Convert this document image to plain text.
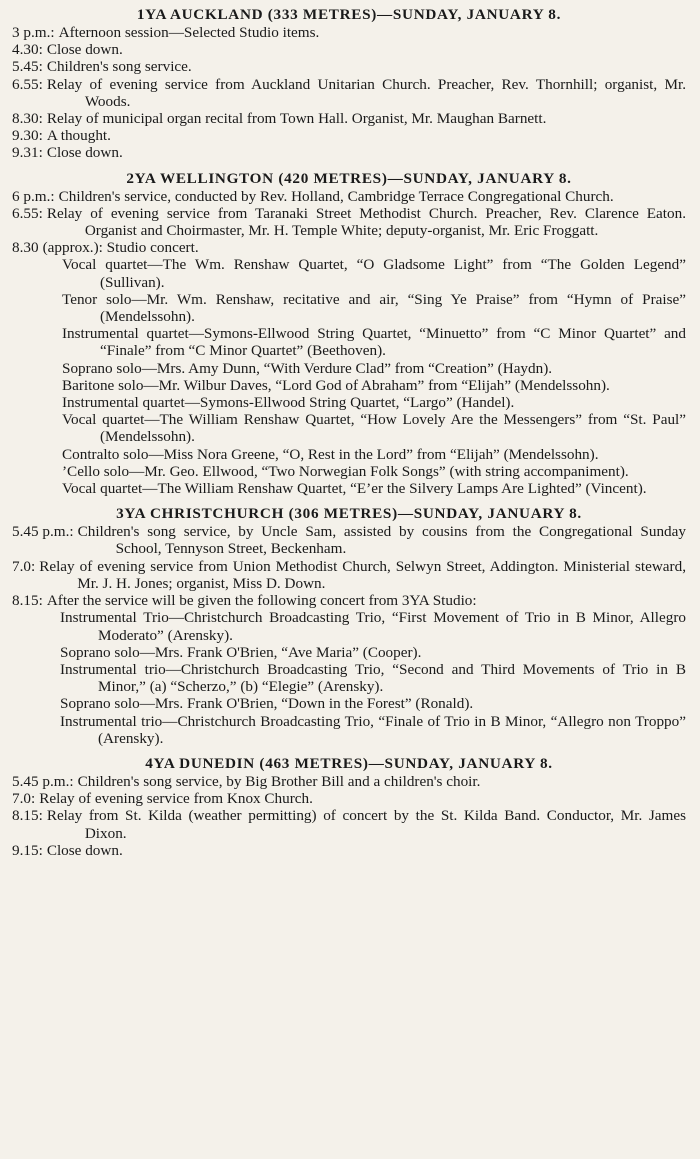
1YA AUCKLAND (333 METRES)—SUNDAY, JANUARY 8.

3 p.m.: Afternoon session—Selected Studio items.

4.30: Close down.

5.45: Children's song service.

6.55: Relay of evening service from Auckland Unitarian Church. Preacher, Rev. Thornhill; organist, Mr. Woods.

8.30: Relay of municipal organ recital from Town Hall. Organist, Mr. Maughan Barnett.

9.30: A thought.

9.31: Close down.

2YA WELLINGTON (420 METRES)—SUNDAY, JANUARY 8.

6 p.m.: Children's service, conducted by Rev. Holland, Cambridge Terrace Congregational Church.

6.55: Relay of evening service from Taranaki Street Methodist Church. Preacher, Rev. Clarence Eaton. Organist and Choirmaster, Mr. H. Temple White; deputy-organist, Mr. Eric Froggatt.

8.30 (approx.): Studio concert.

Vocal quartet—The Wm. Renshaw Quartet, “O Gladsome Light” from “The Golden Legend” (Sullivan).

Tenor solo—Mr. Wm. Renshaw, recitative and air, “Sing Ye Praise” from “Hymn of Praise” (Mendelssohn).

Instrumental quartet—Symons-Ellwood String Quartet, “Minuetto” from “C Minor Quartet” and “Finale” from “C Minor Quartet” (Beethoven).

Soprano solo—Mrs. Amy Dunn, “With Verdure Clad” from “Creation” (Haydn).

Baritone solo—Mr. Wilbur Daves, “Lord God of Abraham” from “Elijah” (Mendelssohn).

Instrumental quartet—Symons-Ellwood String Quartet, “Largo” (Handel).

Vocal quartet—The William Renshaw Quartet, “How Lovely Are the Messengers” from “St. Paul” (Mendelssohn).

Contralto solo—Miss Nora Greene, “O, Rest in the Lord” from “Elijah” (Mendelssohn).

’Cello solo—Mr. Geo. Ellwood, “Two Norwegian Folk Songs” (with string accompaniment).

Vocal quartet—The William Renshaw Quartet, “E’er the Silvery Lamps Are Lighted” (Vincent).

3YA CHRISTCHURCH (306 METRES)—SUNDAY, JANUARY 8.

5.45 p.m.: Children's song service, by Uncle Sam, assisted by cousins from the Congregational Sunday School, Tennyson Street, Beckenham.

7.0: Relay of evening service from Union Methodist Church, Selwyn Street, Addington. Ministerial steward, Mr. J. H. Jones; organist, Miss D. Down.

8.15: After the service will be given the following concert from 3YA Studio:

Instrumental Trio—Christchurch Broadcasting Trio, “First Movement of Trio in B Minor, Allegro Moderato” (Arensky).

Soprano solo—Mrs. Frank O'Brien, “Ave Maria” (Cooper).

Instrumental trio—Christchurch Broadcasting Trio, “Second and Third Movements of Trio in B Minor,” (a) “Scherzo,” (b) “Elegie” (Arensky).

Soprano solo—Mrs. Frank O'Brien, “Down in the Forest” (Ronald).

Instrumental trio—Christchurch Broadcasting Trio, “Finale of Trio in B Minor, “Allegro non Troppo” (Arensky).

4YA DUNEDIN (463 METRES)—SUNDAY, JANUARY 8.

5.45 p.m.: Children's song service, by Big Brother Bill and a children's choir.

7.0: Relay of evening service from Knox Church.

8.15: Relay from St. Kilda (weather permitting) of concert by the St. Kilda Band. Conductor, Mr. James Dixon.

9.15: Close down.
